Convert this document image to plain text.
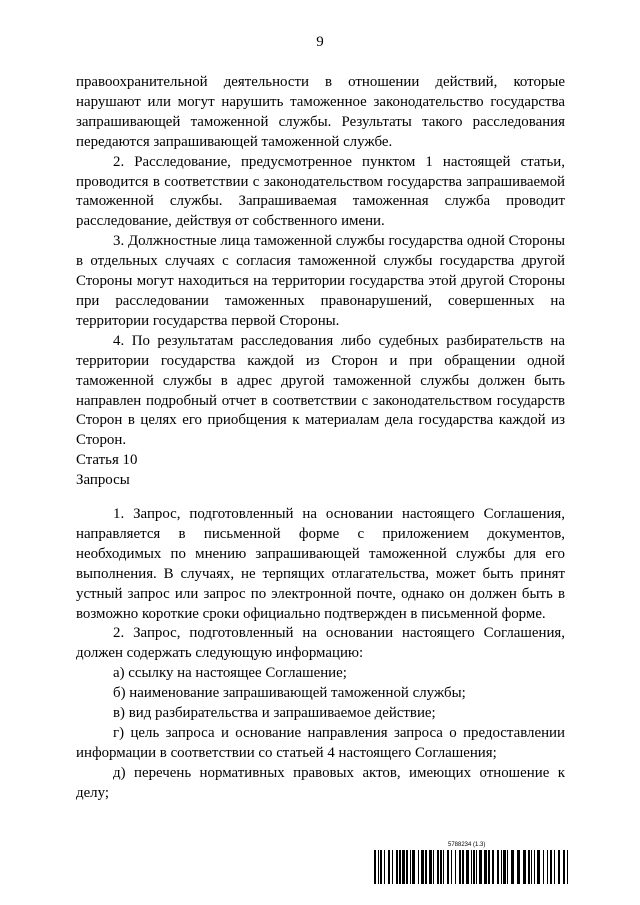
9

правоохранительной деятельности в отношении действий, которые нарушают или могут нарушить таможенное законодательство государства запрашивающей таможенной службы. Результаты такого расследования передаются запрашивающей таможенной службе.

2. Расследование, предусмотренное пунктом 1 настоящей статьи, проводится в соответствии с законодательством государства запрашиваемой таможенной службы. Запрашиваемая таможенная служба проводит расследование, действуя от собственного имени.

3. Должностные лица таможенной службы государства одной Стороны в отдельных случаях с согласия таможенной службы государства другой Стороны могут находиться на территории государства этой другой Стороны при расследовании таможенных правонарушений, совершенных на территории государства первой Стороны.

4. По результатам расследования либо судебных разбирательств на территории государства каждой из Сторон и при обращении одной таможенной службы в адрес другой таможенной службы должен быть направлен подробный отчет в соответствии с законодательством государств Сторон в целях его приобщения к материалам дела государства каждой из Сторон.

Статья 10

Запросы

1. Запрос, подготовленный на основании настоящего Соглашения, направляется в письменной форме с приложением документов, необходимых по мнению запрашивающей таможенной службы для его выполнения. В случаях, не терпящих отлагательства, может быть принят устный запрос или запрос по электронной почте, однако он должен быть в возможно короткие сроки официально подтвержден в письменной форме.

2. Запрос, подготовленный на основании настоящего Соглашения, должен содержать следующую информацию:

а) ссылку на настоящее Соглашение;

б) наименование запрашивающей таможенной службы;

в) вид разбирательства и запрашиваемое действие;

г) цель запроса и основание направления запроса о предоставлении информации в соответствии со статьей 4 настоящего Соглашения;

д) перечень нормативных правовых актов, имеющих отношение к делу;

5788234 (1.3)
